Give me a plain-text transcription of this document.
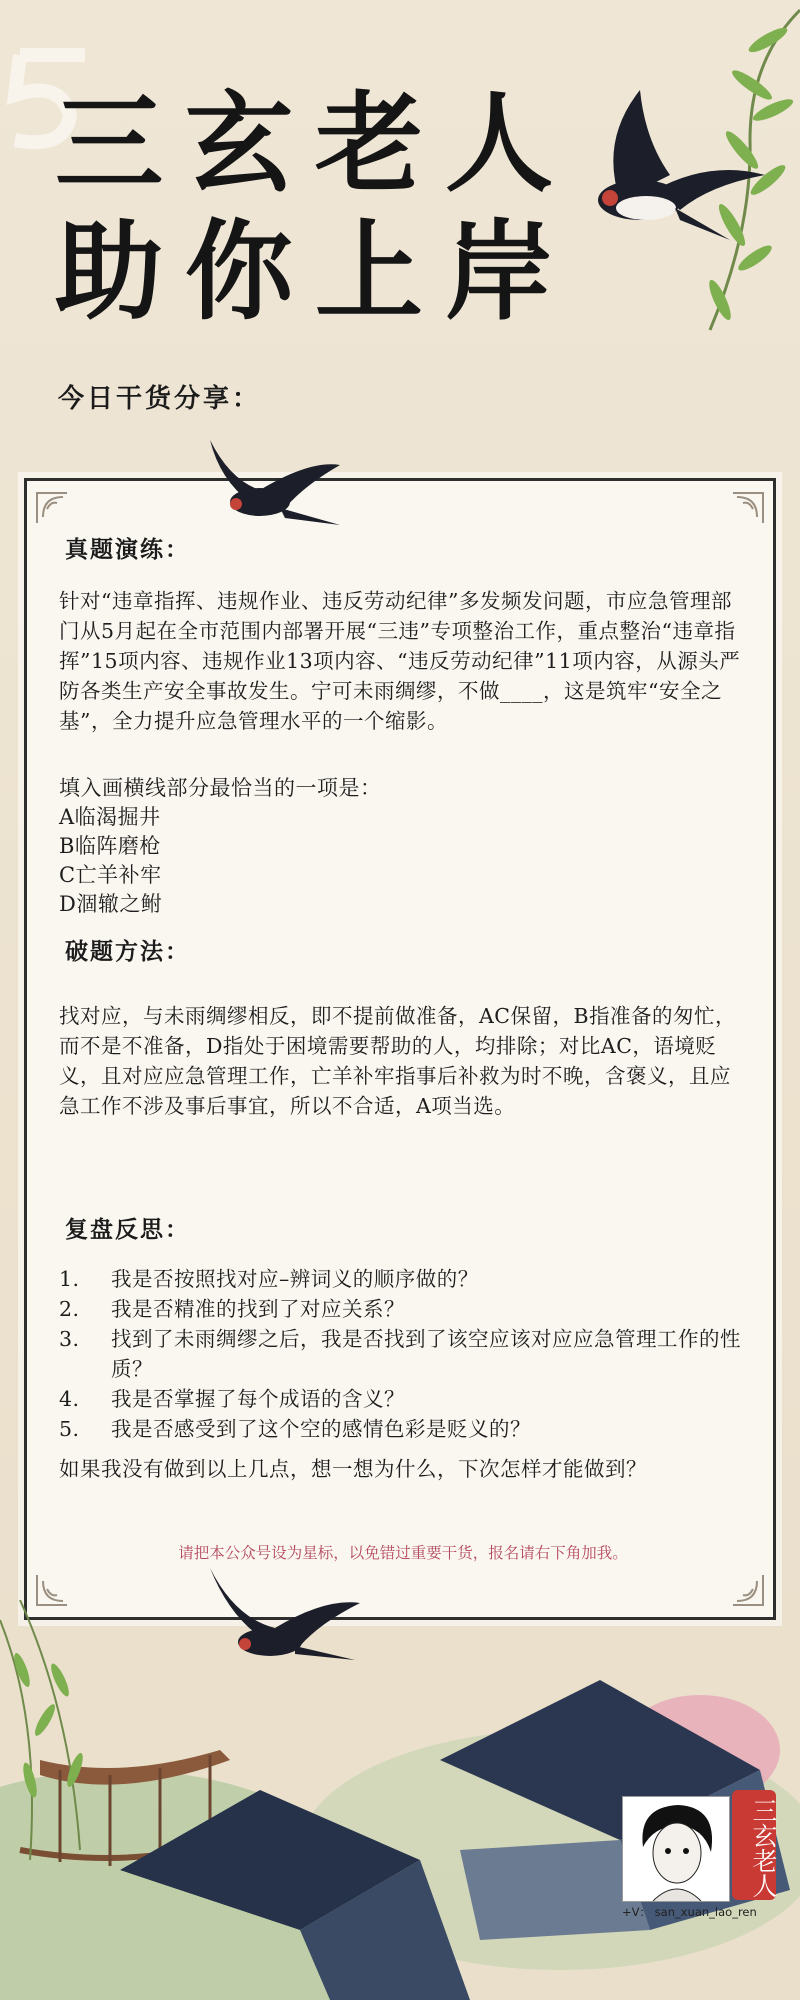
三玄老人
助你上岸
今日干货分享：
真题演练：

针对“违章指挥、违规作业、违反劳动纪律”多发频发问题，市应急管理部门从5月起在全市范围内部署开展“三违”专项整治工作，重点整治“违章指挥”15项内容、违规作业13项内容、“违反劳动纪律”11项内容，从源头严防各类生产安全事故发生。宁可未雨绸缪，不做____，这是筑牢“安全之基”，全力提升应急管理水平的一个缩影。

填入画横线部分最恰当的一项是：

A临渴掘井

B临阵磨枪

C亡羊补牢

D涸辙之鲋

破题方法：

找对应，与未雨绸缪相反，即不提前做准备，AC保留，B指准备的匆忙，而不是不准备，D指处于困境需要帮助的人，均排除；对比AC，语境贬义，且对应应急管理工作，亡羊补牢指事后补救为时不晚，含褒义，且应急工作不涉及事后事宜，所以不合适，A项当选。

复盘反思：
1.	我是否按照找对应–辨词义的顺序做的？
2.	我是否精准的找到了对应关系？
3.	找到了未雨绸缪之后，我是否找到了该空应该对应应急管理工作的性质？
4.	我是否掌握了每个成语的含义？
5.	我是否感受到了这个空的感情色彩是贬义的？

如果我没有做到以上几点，想一想为什么，下次怎样才能做到？

请把本公众号设为星标，以免错过重要干货，报名请右下角加我。
三玄老人
+V： san_xuan_lao_ren
